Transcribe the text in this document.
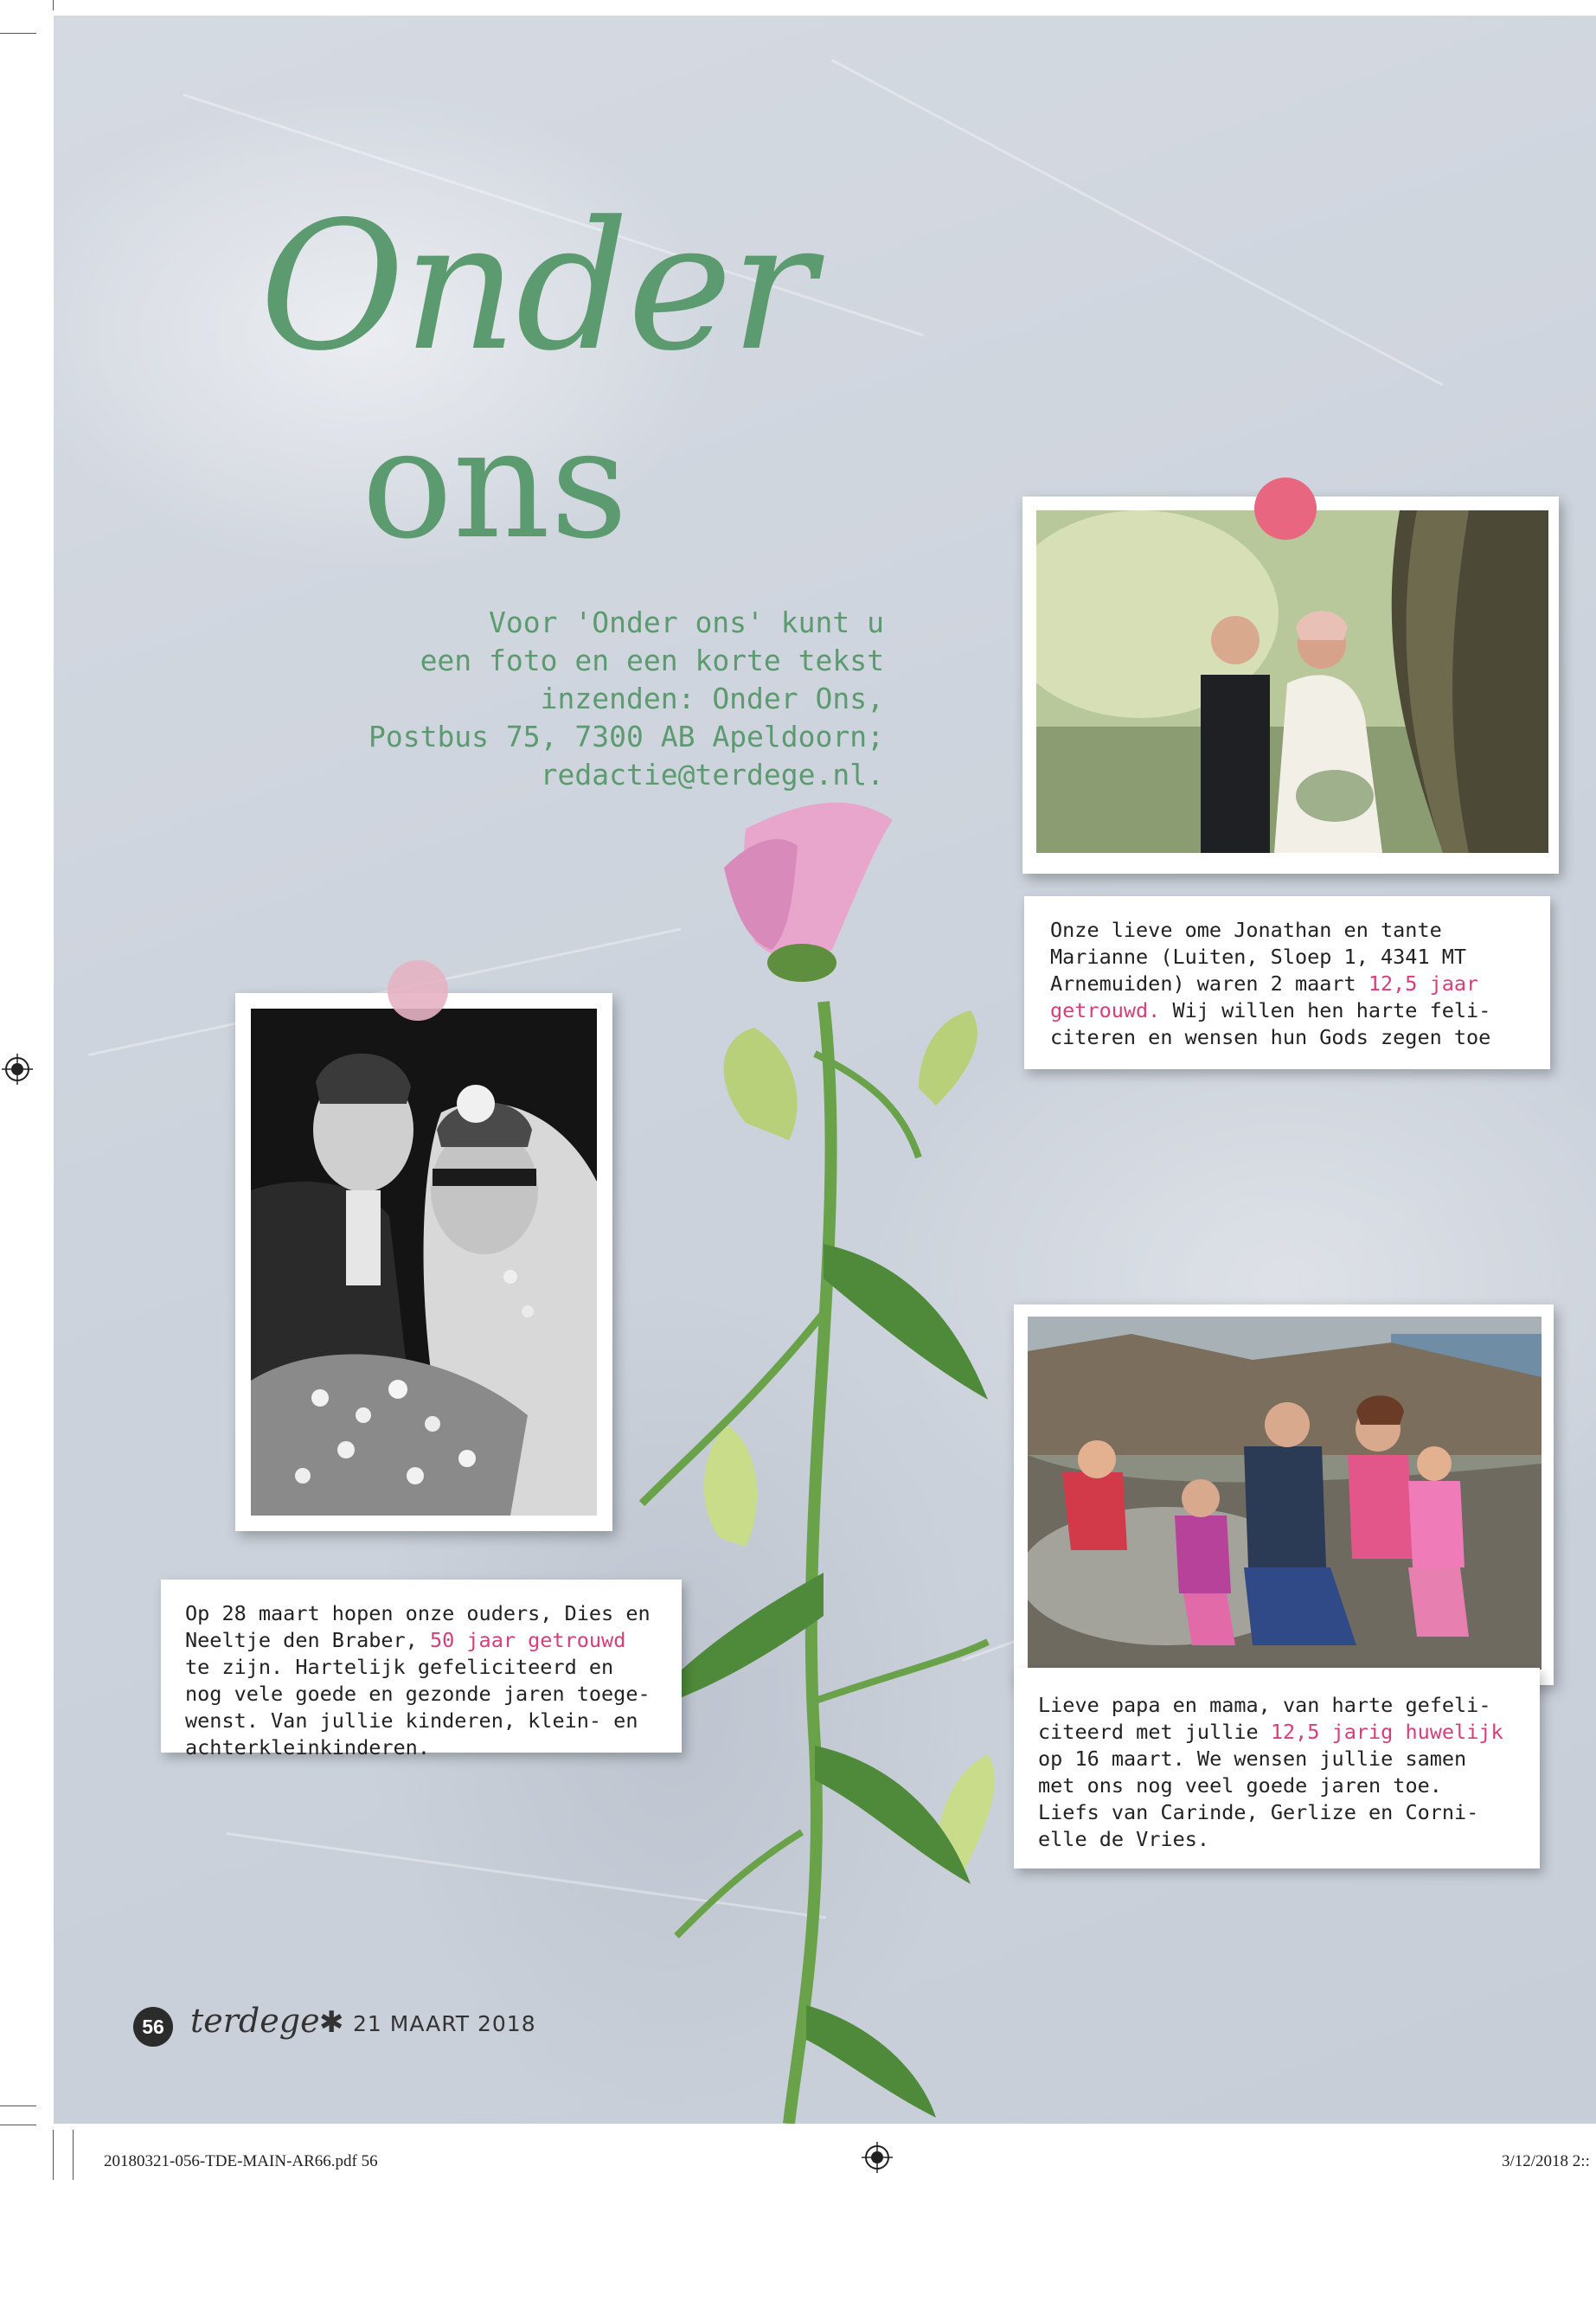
Onder
ons
Voor 'Onder ons' kunt u
een foto en een korte tekst
inzenden: Onder Ons,
Postbus 75, 7300 AB Apeldoorn;
redactie@terdege.nl.

Onze lieve ome Jonathan en tante
Marianne (Luiten, Sloep 1, 4341 MT
Arnemuiden) waren 2 maart 12,5 jaar
getrouwd. Wij willen hen harte feli-
citeren en wensen hun Gods zegen toe

Op 28 maart hopen onze ouders, Dies en
Neeltje den Braber, 50 jaar getrouwd
te zijn. Hartelijk gefeliciteerd en
nog vele goede en gezonde jaren toege-
wenst. Van jullie kinderen, klein- en
achterkleinkinderen.

Lieve papa en mama, van harte gefeli-
citeerd met jullie 12,5 jarig huwelijk
op 16 maart. We wensen jullie samen
met ons nog veel goede jaren toe.
Liefs van Carinde, Gerlize en Corni-
elle de Vries.

56 terdege ✱ 21 MAART 2018
20180321-056-TDE-MAIN-AR66.pdf 56	3/12/2018 2::
